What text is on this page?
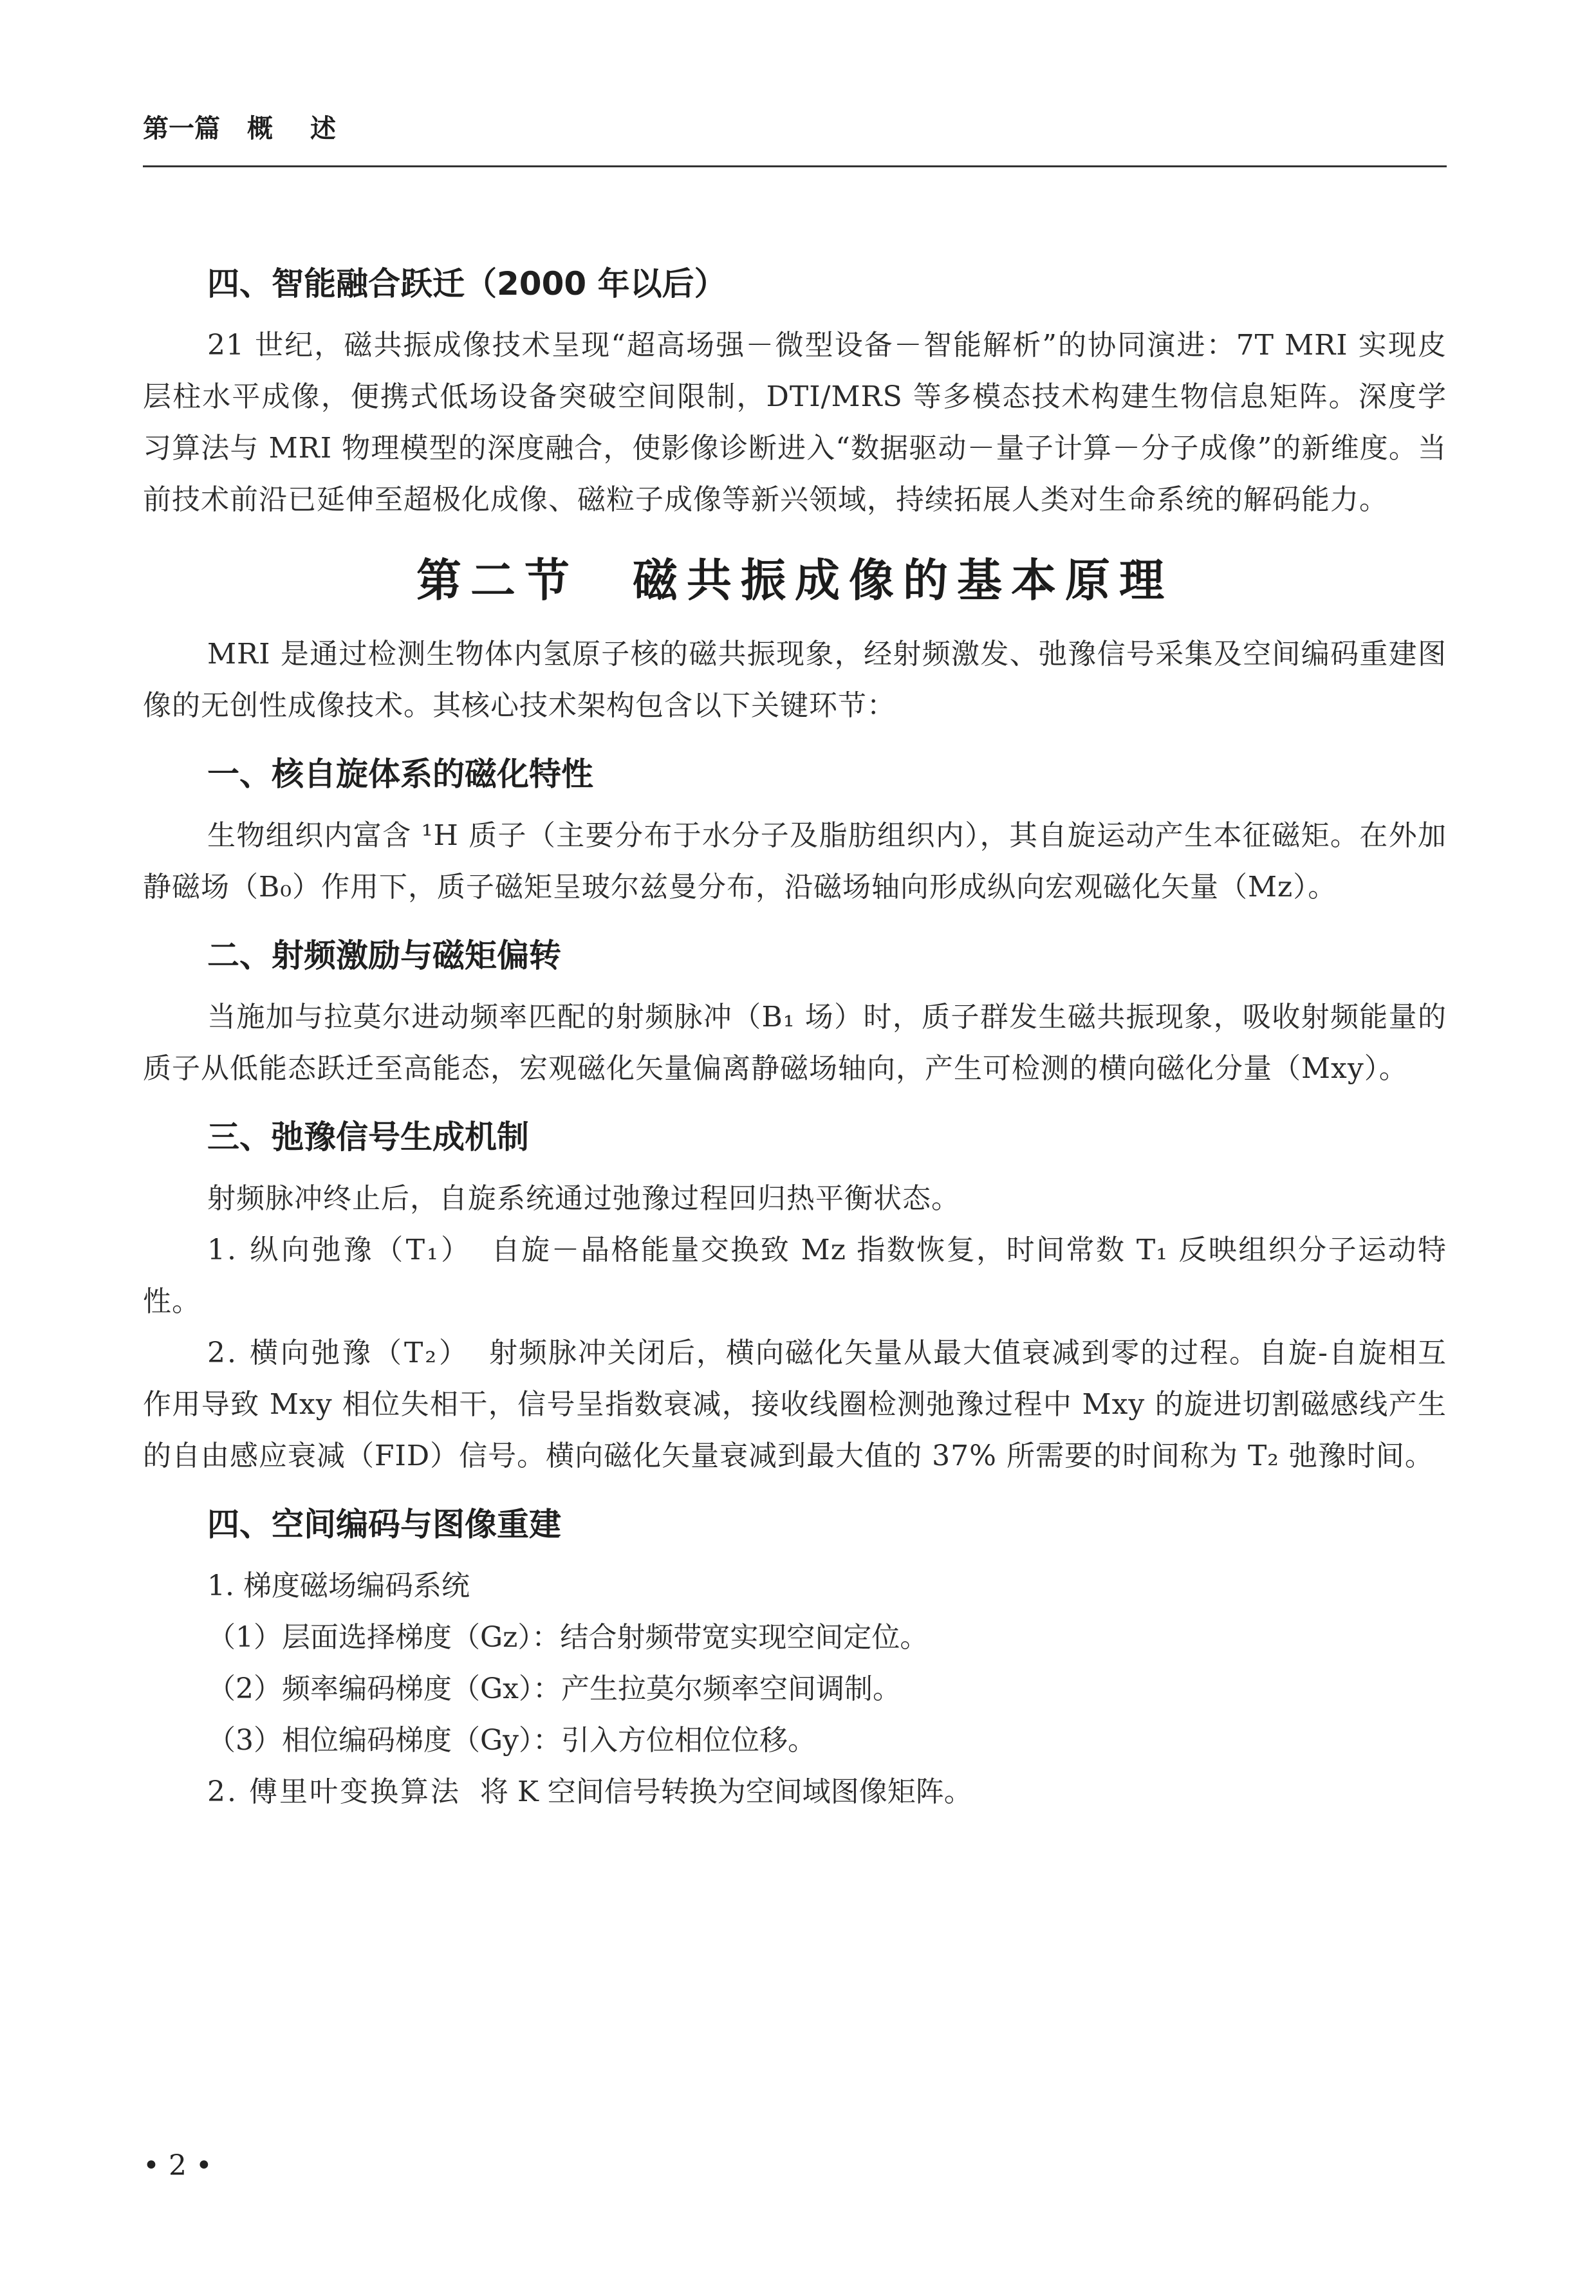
第一篇 概述
四、智能融合跃迁（2000 年以后）

21 世纪，磁共振成像技术呈现“超高场强－微型设备－智能解析”的协同演进：7T MRI 实现皮层柱水平成像，便携式低场设备突破空间限制，DTI/MRS 等多模态技术构建生物信息矩阵。深度学习算法与 MRI 物理模型的深度融合，使影像诊断进入“数据驱动－量子计算－分子成像”的新维度。当前技术前沿已延伸至超极化成像、磁粒子成像等新兴领域，持续拓展人类对生命系统的解码能力。

第二节　磁共振成像的基本原理

MRI 是通过检测生物体内氢原子核的磁共振现象，经射频激发、弛豫信号采集及空间编码重建图像的无创性成像技术。其核心技术架构包含以下关键环节：

一、核自旋体系的磁化特性

生物组织内富含 ¹H 质子（主要分布于水分子及脂肪组织内），其自旋运动产生本征磁矩。在外加静磁场（B₀）作用下，质子磁矩呈玻尔兹曼分布，沿磁场轴向形成纵向宏观磁化矢量（Mz）。

二、射频激励与磁矩偏转

当施加与拉莫尔进动频率匹配的射频脉冲（B₁ 场）时，质子群发生磁共振现象，吸收射频能量的质子从低能态跃迁至高能态，宏观磁化矢量偏离静磁场轴向，产生可检测的横向磁化分量（Mxy）。

三、弛豫信号生成机制

射频脉冲终止后，自旋系统通过弛豫过程回归热平衡状态。

1. 纵向弛豫（T₁） 自旋－晶格能量交换致 Mz 指数恢复，时间常数 T₁ 反映组织分子运动特性。

2. 横向弛豫（T₂） 射频脉冲关闭后，横向磁化矢量从最大值衰减到零的过程。自旋-自旋相互作用导致 Mxy 相位失相干，信号呈指数衰减，接收线圈检测弛豫过程中 Mxy 的旋进切割磁感线产生的自由感应衰减（FID）信号。横向磁化矢量衰减到最大值的 37% 所需要的时间称为 T₂ 弛豫时间。

四、空间编码与图像重建

1. 梯度磁场编码系统

（1）层面选择梯度（Gz）：结合射频带宽实现空间定位。

（2）频率编码梯度（Gx）：产生拉莫尔频率空间调制。

（3）相位编码梯度（Gy）：引入方位相位位移。

2. 傅里叶变换算法 将 K 空间信号转换为空间域图像矩阵。

• 2 •
